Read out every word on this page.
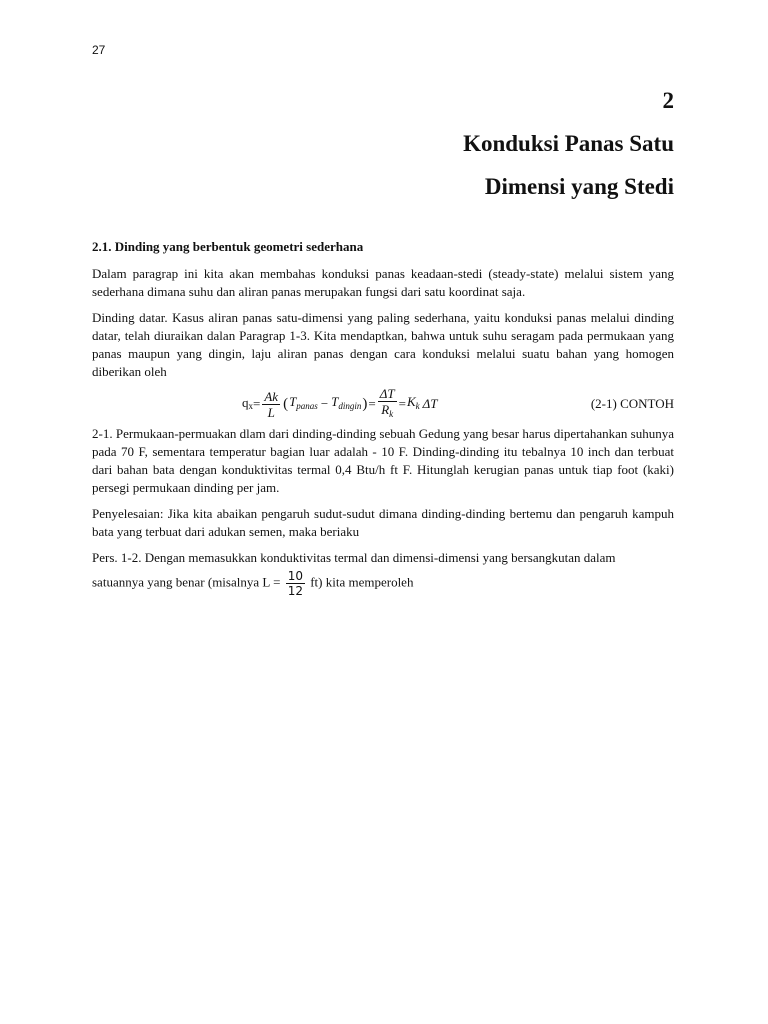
27
2
Konduksi Panas Satu
Dimensi yang Stedi

2.1. Dinding yang berbentuk geometri sederhana

Dalam paragrap ini kita akan membahas konduksi panas keadaan-stedi (steady-state) melalui sistem yang sederhana dimana suhu dan aliran panas merupakan fungsi dari satu koordinat saja.

Dinding datar. Kasus aliran panas satu-dimensi yang paling sederhana, yaitu konduksi panas melalui dinding datar, telah diuraikan dalan Paragrap 1-3. Kita mendaptkan, bahwa untuk suhu seragam pada permukaan yang panas maupun yang dingin, laju aliran panas dengan cara konduksi melalui suatu bahan yang homogen diberikan oleh

qx = $\frac{Ak}{L}$ ( $T_{panas} - T_{dingin}$ ) = $\frac{\Delta T}{R_k} = K_k$ ΔT	(2-1) CONTOH

2-1. Permukaan-permuakan dlam dari dinding-dinding sebuah Gedung yang besar harus dipertahankan suhunya pada 70 F, sementara temperatur bagian luar adalah - 10 F. Dinding-dinding itu tebalnya 10 inch dan terbuat dari bahan bata dengan konduktivitas termal 0,4 Btu/h ft F. Hitunglah kerugian panas untuk tiap foot (kaki) persegi permukaan dinding per jam.

Penyelesaian: Jika kita abaikan pengaruh sudut-sudut dimana dinding-dinding bertemu dan pengaruh kampuh bata yang terbuat dari adukan semen, maka beriaku

Pers. 1-2. Dengan memasukkan konduktivitas termal dan dimensi-dimensi yang bersangkutan dalam

satuannya yang benar (misalnya $L = \frac{10}{12} ft$) kita memperoleh
